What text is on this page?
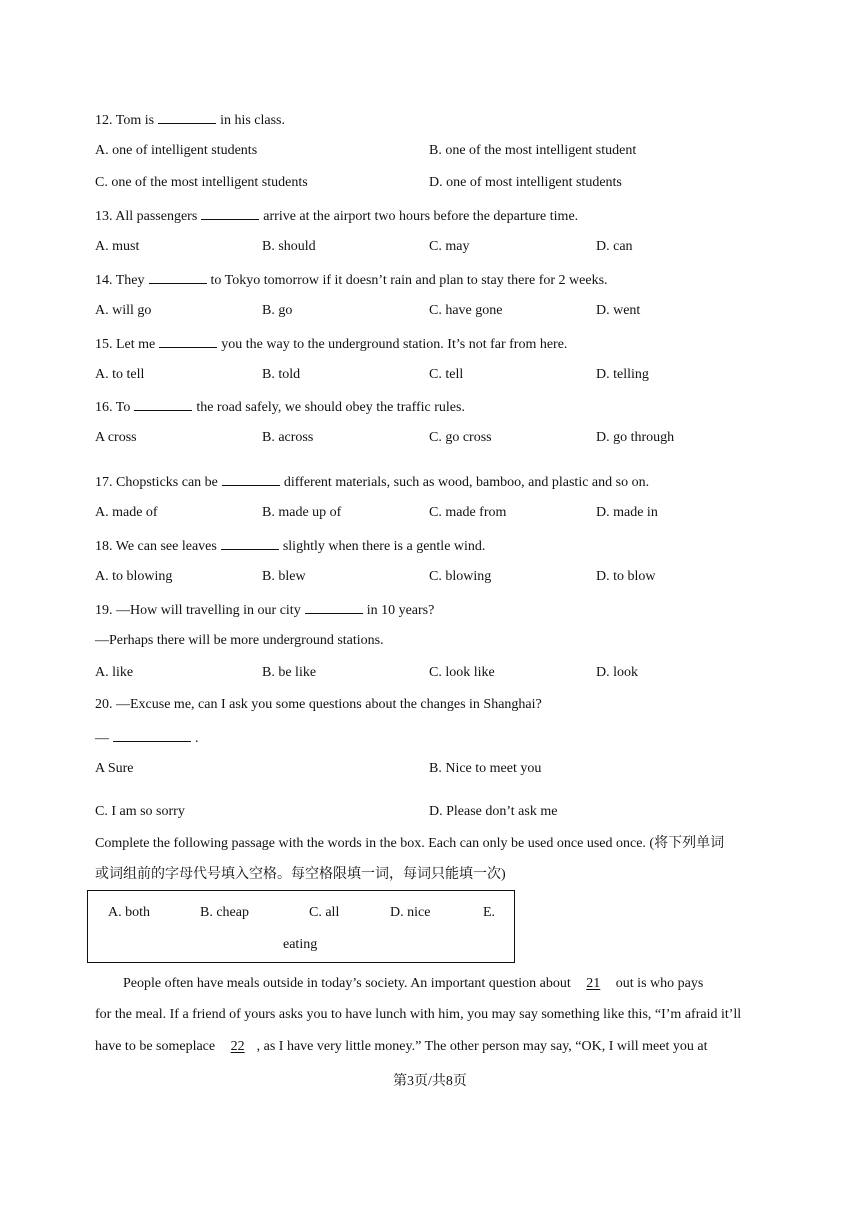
12. Tom is	in his class.
A. one of intelligent students	B. one of the most intelligent student
C. one of the most intelligent students	D. one of most intelligent students
13. All passengers	arrive at the airport two hours before the departure time.
A. must	B. should	C. may	D. can
14. They	to Tokyo tomorrow if it doesn’t rain and plan to stay there for 2 weeks.
A. will go	B. go	C. have gone	D. went
15. Let me	you the way to the underground station. It’s not far from here.
A. to tell	B. told	C. tell	D. telling
16. To	the road safely, we should obey the traffic rules.
A cross	B. across	C. go cross	D. go through
17. Chopsticks can be	different materials, such as wood, bamboo, and plastic and so on.
A. made of	B. made up of	C. made from	D. made in
18. We can see leaves	slightly when there is a gentle wind.
A. to blowing	B. blew	C. blowing	D. to blow
19. —How will travelling in our city	in 10 years?
—Perhaps there will be more underground stations.
A. like	B. be like	C. look like	D. look
20. —Excuse me, can I ask you some questions about the changes in Shanghai?
—	.
A Sure	B. Nice to meet you
C. I am so sorry	D. Please don’t ask me
Complete the following passage with the words in the box. Each can only be used once used once. (将下列单词
或词组前的字母代号填入空格。每空格限填一词，每词只能填一次)
A. both	B. cheap	C. all	D. nice	E.
eating
People often have meals outside in today’s society. An important question about 21 out is who pays
for the meal. If a friend of yours asks you to have lunch with him, you may say something like this, “I’m afraid it’ll
have to be someplace 22 , as I have very little money.” The other person may say, “OK, I will meet you at
第3页/共8页
